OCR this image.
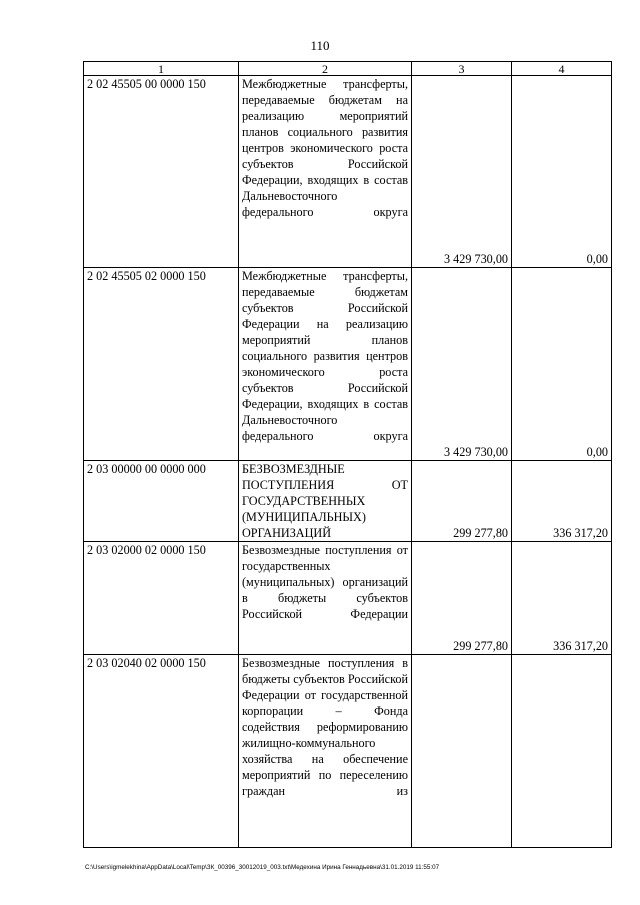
110
1	2	3	4
2 02 45505 00 0000 150	Межбюджетные трансферты, передаваемые бюджетам на реализацию мероприятий планов социального развития центров экономического роста субъектов Российской Федерации, входящих в состав Дальневосточного федерального округа	3 429 730,00	0,00
2 02 45505 02 0000 150	Межбюджетные трансферты, передаваемые бюджетам субъектов Российской Федерации на реализацию мероприятий планов социального развития центров экономического роста субъектов Российской Федерации, входящих в состав Дальневосточного федерального округа	3 429 730,00	0,00
2 03 00000 00 0000 000	БЕЗВОЗМЕЗДНЫЕ ПОСТУПЛЕНИЯ ОТ ГОСУДАРСТВЕННЫХ (МУНИЦИПАЛЬНЫХ) ОРГАНИЗАЦИЙ	299 277,80	336 317,20
2 03 02000 02 0000 150	Безвозмездные поступления от государственных (муниципальных) организаций в бюджеты субъектов Российской Федерации	299 277,80	336 317,20
2 03 02040 02 0000 150	Безвозмездные поступления в бюджеты субъектов Российской Федерации от государственной корпорации – Фонда содействия реформированию жилищно-коммунального хозяйства на обеспечение мероприятий по переселению граждан из		
C:\Users\igmelekhina\AppData\Local\Temp\ЗК_00396_30012019_003.txt\Медехина Ирина Геннадьевна\31.01.2019 11:55:07
